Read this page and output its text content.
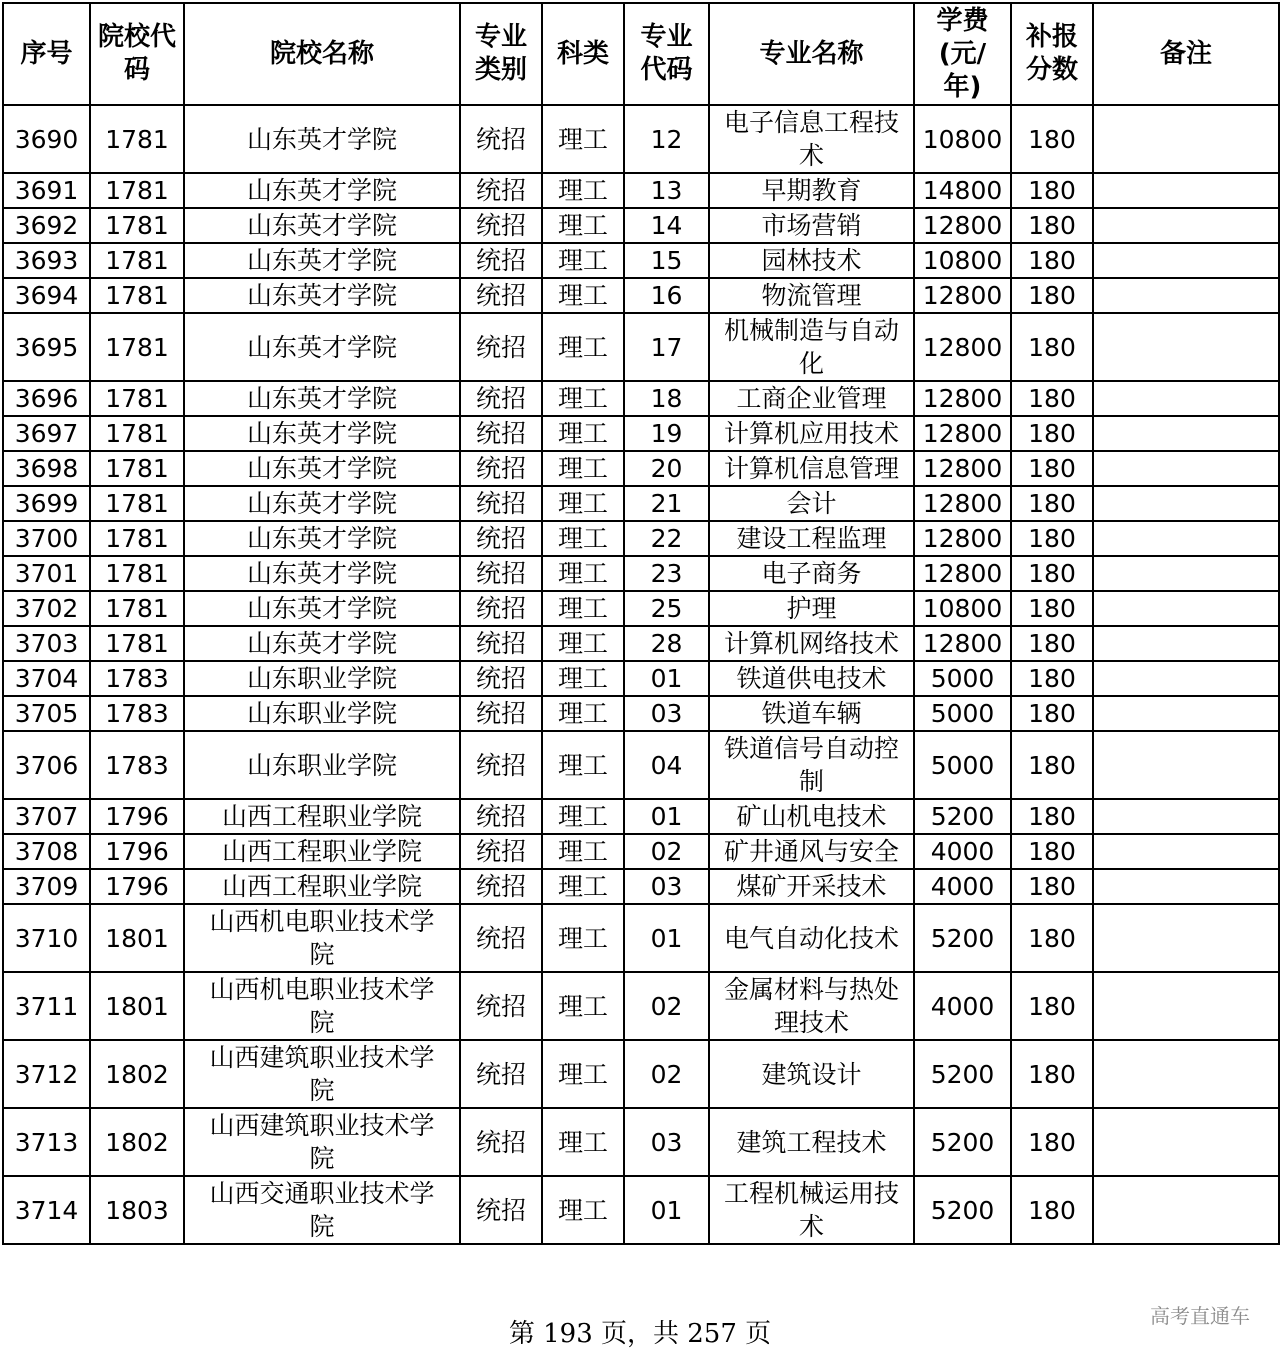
序号	院校代码	院校名称	专业类别	科类	专业代码	专业名称	学费(元/年)	补报分数	备注
3690	1781	山东英才学院	统招	理工	12	电子信息工程技术	10800	180	
3691	1781	山东英才学院	统招	理工	13	早期教育	14800	180	
3692	1781	山东英才学院	统招	理工	14	市场营销	12800	180	
3693	1781	山东英才学院	统招	理工	15	园林技术	10800	180	
3694	1781	山东英才学院	统招	理工	16	物流管理	12800	180	
3695	1781	山东英才学院	统招	理工	17	机械制造与自动化	12800	180	
3696	1781	山东英才学院	统招	理工	18	工商企业管理	12800	180	
3697	1781	山东英才学院	统招	理工	19	计算机应用技术	12800	180	
3698	1781	山东英才学院	统招	理工	20	计算机信息管理	12800	180	
3699	1781	山东英才学院	统招	理工	21	会计	12800	180	
3700	1781	山东英才学院	统招	理工	22	建设工程监理	12800	180	
3701	1781	山东英才学院	统招	理工	23	电子商务	12800	180	
3702	1781	山东英才学院	统招	理工	25	护理	10800	180	
3703	1781	山东英才学院	统招	理工	28	计算机网络技术	12800	180	
3704	1783	山东职业学院	统招	理工	01	铁道供电技术	5000	180	
3705	1783	山东职业学院	统招	理工	03	铁道车辆	5000	180	
3706	1783	山东职业学院	统招	理工	04	铁道信号自动控制	5000	180	
3707	1796	山西工程职业学院	统招	理工	01	矿山机电技术	5200	180	
3708	1796	山西工程职业学院	统招	理工	02	矿井通风与安全	4000	180	
3709	1796	山西工程职业学院	统招	理工	03	煤矿开采技术	4000	180	
3710	1801	山西机电职业技术学院	统招	理工	01	电气自动化技术	5200	180	
3711	1801	山西机电职业技术学院	统招	理工	02	金属材料与热处理技术	4000	180	
3712	1802	山西建筑职业技术学院	统招	理工	02	建筑设计	5200	180	
3713	1802	山西建筑职业技术学院	统招	理工	03	建筑工程技术	5200	180	
3714	1803	山西交通职业技术学院	统招	理工	01	工程机械运用技术	5200	180	
第 193 页，共 257 页
高考直通车
